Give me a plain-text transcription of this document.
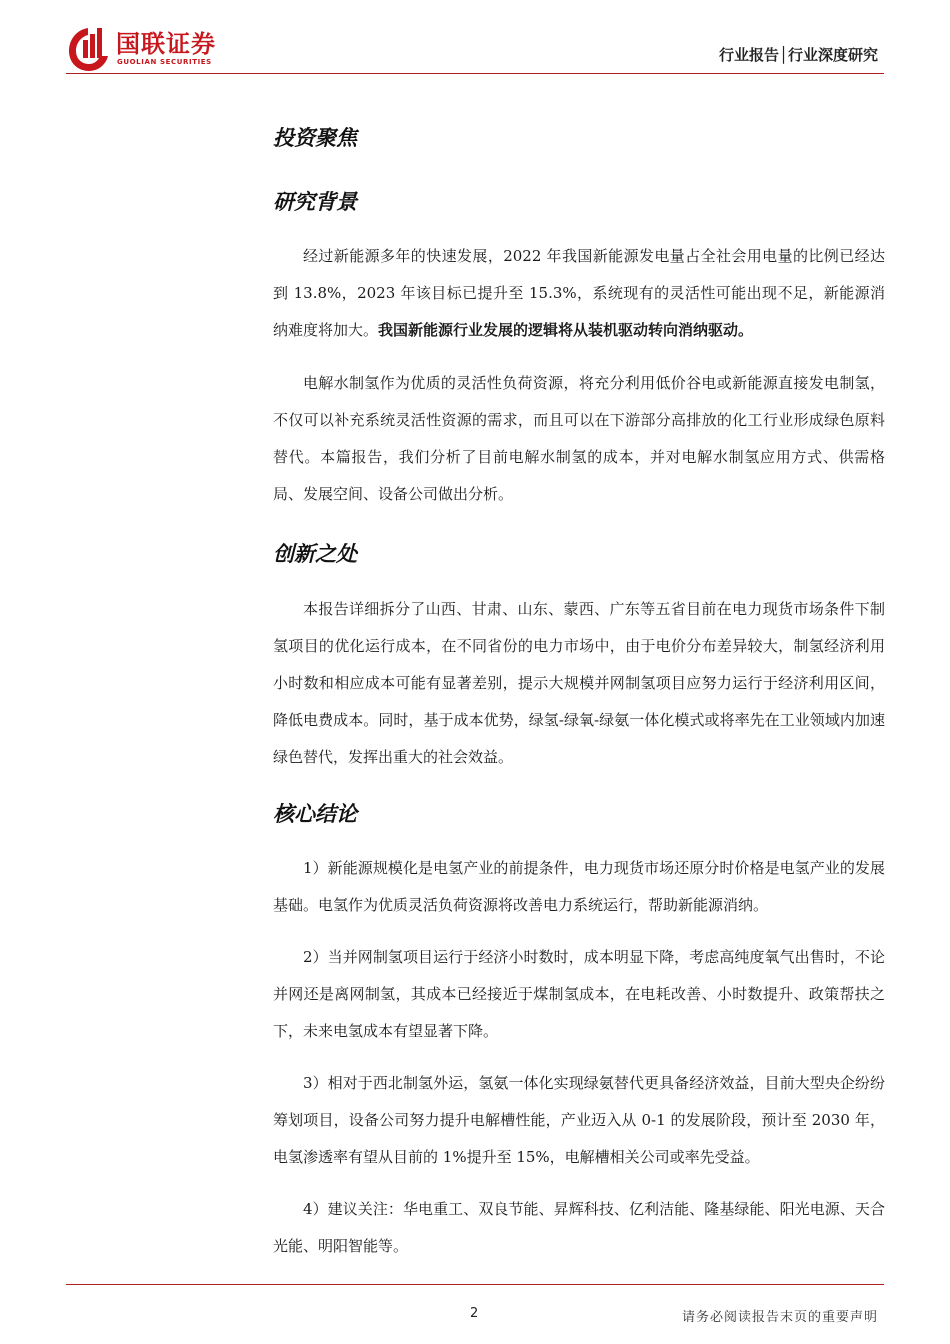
国联证券
GUOLIAN SECURITIES	行业报告│行业深度研究
投资聚焦
研究背景

经过新能源多年的快速发展，2022 年我国新能源发电量占全社会用电量的比例已经达到 13.8%，2023 年该目标已提升至 15.3%，系统现有的灵活性可能出现不足，新能源消纳难度将加大。我国新能源行业发展的逻辑将从装机驱动转向消纳驱动。

电解水制氢作为优质的灵活性负荷资源，将充分利用低价谷电或新能源直接发电制氢，不仅可以补充系统灵活性资源的需求，而且可以在下游部分高排放的化工行业形成绿色原料替代。本篇报告，我们分析了目前电解水制氢的成本，并对电解水制氢应用方式、供需格局、发展空间、设备公司做出分析。

创新之处

本报告详细拆分了山西、甘肃、山东、蒙西、广东等五省目前在电力现货市场条件下制氢项目的优化运行成本，在不同省份的电力市场中，由于电价分布差异较大，制氢经济利用小时数和相应成本可能有显著差别，提示大规模并网制氢项目应努力运行于经济利用区间，降低电费成本。同时，基于成本优势，绿氢-绿氧-绿氨一体化模式或将率先在工业领域内加速绿色替代，发挥出重大的社会效益。

核心结论

1）新能源规模化是电氢产业的前提条件，电力现货市场还原分时价格是电氢产业的发展基础。电氢作为优质灵活负荷资源将改善电力系统运行，帮助新能源消纳。

2）当并网制氢项目运行于经济小时数时，成本明显下降，考虑高纯度氧气出售时，不论并网还是离网制氢，其成本已经接近于煤制氢成本，在电耗改善、小时数提升、政策帮扶之下，未来电氢成本有望显著下降。

3）相对于西北制氢外运，氢氨一体化实现绿氨替代更具备经济效益，目前大型央企纷纷筹划项目，设备公司努力提升电解槽性能，产业迈入从 0-1 的发展阶段，预计至 2030 年，电氢渗透率有望从目前的 1%提升至 15%，电解槽相关公司或率先受益。

4）建议关注：华电重工、双良节能、昇辉科技、亿利洁能、隆基绿能、阳光电源、天合光能、明阳智能等。

2	请务必阅读报告末页的重要声明
